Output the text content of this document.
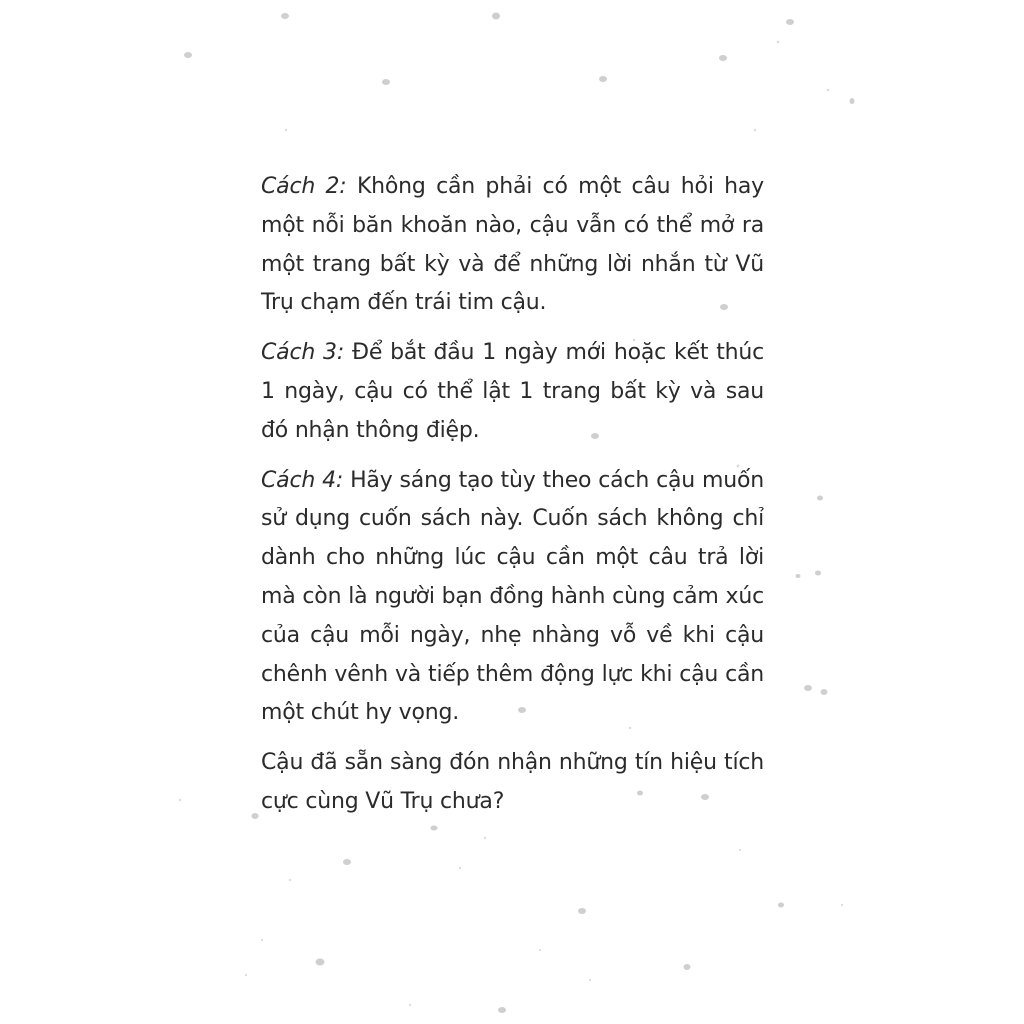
Cách 2: Không cần phải có một câu hỏi hay một nỗi băn khoăn nào, cậu vẫn có thể mở ra một trang bất kỳ và để những lời nhắn từ Vũ Trụ chạm đến trái tim cậu.

Cách 3: Để bắt đầu 1 ngày mới hoặc kết thúc 1 ngày, cậu có thể lật 1 trang bất kỳ và sau đó nhận thông điệp.

Cách 4: Hãy sáng tạo tùy theo cách cậu muốn sử dụng cuốn sách này. Cuốn sách không chỉ dành cho những lúc cậu cần một câu trả lời mà còn là người bạn đồng hành cùng cảm xúc của cậu mỗi ngày, nhẹ nhàng vỗ về khi cậu chênh vênh và tiếp thêm động lực khi cậu cần một chút hy vọng.

Cậu đã sẵn sàng đón nhận những tín hiệu tích cực cùng Vũ Trụ chưa?
